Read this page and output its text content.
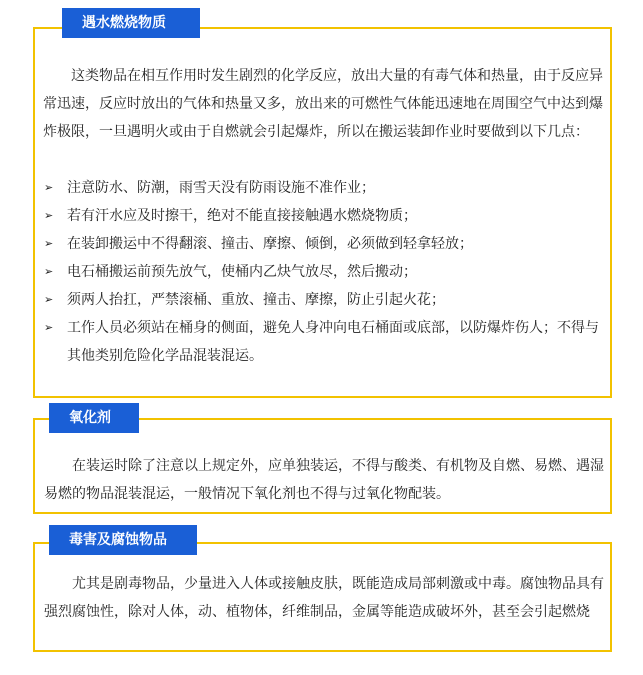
这类物品在相互作用时发生剧烈的化学反应，放出大量的有毒气体和热量，由于反应异常迅速，反应时放出的气体和热量又多，放出来的可燃性气体能迅速地在周围空气中达到爆炸极限，一旦遇明火或由于自燃就会引起爆炸，所以在搬运装卸作业时要做到以下几点：

➢ 注意防水、防潮，雨雪天没有防雨设施不准作业；
➢ 若有汗水应及时擦干，绝对不能直接接触遇水燃烧物质；
➢ 在装卸搬运中不得翻滚、撞击、摩擦、倾倒，必须做到轻拿轻放；
➢ 电石桶搬运前预先放气，使桶内乙炔气放尽，然后搬动；
➢ 须两人抬扛，严禁滚桶、重放、撞击、摩擦，防止引起火花；
➢ 工作人员必须站在桶身的侧面，避免人身冲向电石桶面或底部，以防爆炸伤人；不得与其他类别危险化学品混装混运。
遇水燃烧物质

在装运时除了注意以上规定外，应单独装运，不得与酸类、有机物及自燃、易燃、遇湿易燃的物品混装混运，一般情况下氧化剂也不得与过氧化物配装。

氧化剂

尤其是剧毒物品，少量进入人体或接触皮肤，既能造成局部刺激或中毒。腐蚀物品具有强烈腐蚀性，除对人体，动、植物体，纤维制品，金属等能造成破坏外，甚至会引起燃烧

毒害及腐蚀物品
